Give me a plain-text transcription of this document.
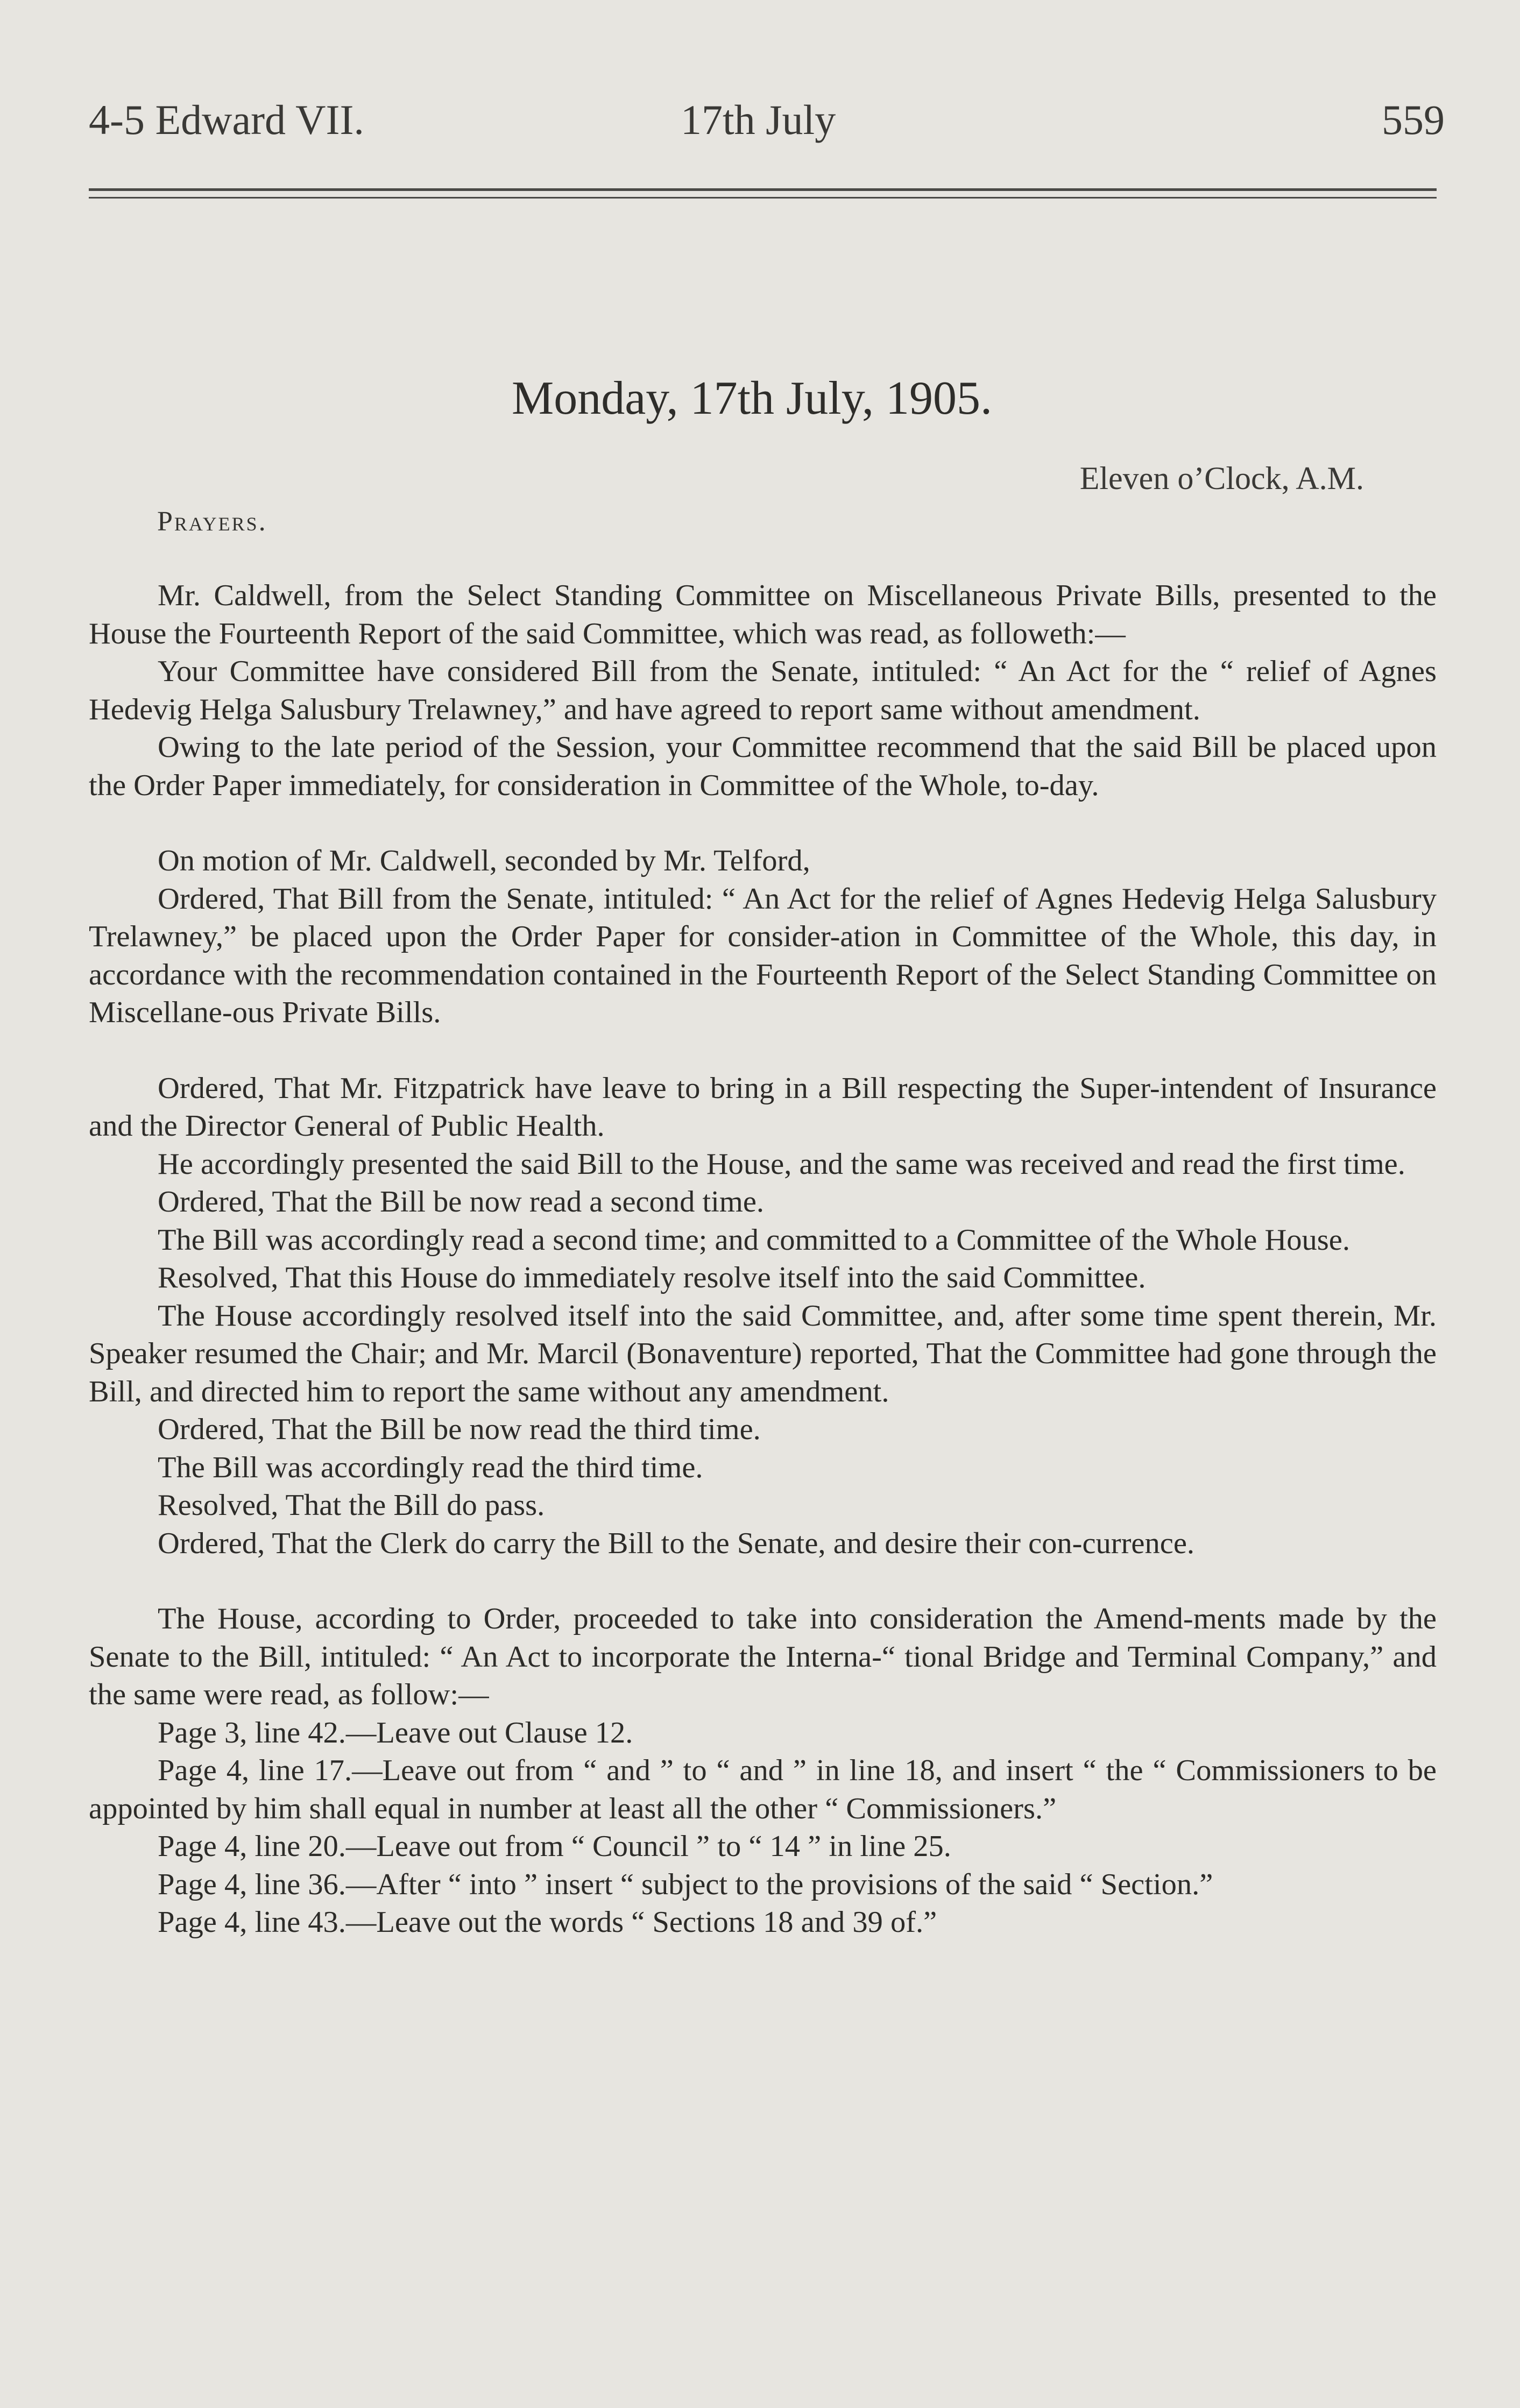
4-5 Edward VII.	17th July	559
Monday, 17th July, 1905.
Eleven o’Clock, A.M.
Prayers.

Mr. Caldwell, from the Select Standing Committee on Miscellaneous Private Bills, presented to the House the Fourteenth Report of the said Committee, which was read, as followeth:—

Your Committee have considered Bill from the Senate, intituled: “ An Act for the “ relief of Agnes Hedevig Helga Salusbury Trelawney,” and have agreed to report same without amendment.

Owing to the late period of the Session, your Committee recommend that the said Bill be placed upon the Order Paper immediately, for consideration in Committee of the Whole, to-day.

On motion of Mr. Caldwell, seconded by Mr. Telford,

Ordered, That Bill from the Senate, intituled: “ An Act for the relief of Agnes Hedevig Helga Salusbury Trelawney,” be placed upon the Order Paper for consider-ation in Committee of the Whole, this day, in accordance with the recommendation contained in the Fourteenth Report of the Select Standing Committee on Miscellane-ous Private Bills.

Ordered, That Mr. Fitzpatrick have leave to bring in a Bill respecting the Super-intendent of Insurance and the Director General of Public Health.

He accordingly presented the said Bill to the House, and the same was received and read the first time.

Ordered, That the Bill be now read a second time.

The Bill was accordingly read a second time; and committed to a Committee of the Whole House.

Resolved, That this House do immediately resolve itself into the said Committee.

The House accordingly resolved itself into the said Committee, and, after some time spent therein, Mr. Speaker resumed the Chair; and Mr. Marcil (Bonaventure) reported, That the Committee had gone through the Bill, and directed him to report the same without any amendment.

Ordered, That the Bill be now read the third time.

The Bill was accordingly read the third time.

Resolved, That the Bill do pass.

Ordered, That the Clerk do carry the Bill to the Senate, and desire their con-currence.

The House, according to Order, proceeded to take into consideration the Amend-ments made by the Senate to the Bill, intituled: “ An Act to incorporate the Interna-“ tional Bridge and Terminal Company,” and the same were read, as follow:—

Page 3, line 42.—Leave out Clause 12.

Page 4, line 17.—Leave out from “ and ” to “ and ” in line 18, and insert “ the “ Commissioners to be appointed by him shall equal in number at least all the other “ Commissioners.”

Page 4, line 20.—Leave out from “ Council ” to “ 14 ” in line 25.

Page 4, line 36.—After “ into ” insert “ subject to the provisions of the said “ Section.”

Page 4, line 43.—Leave out the words “ Sections 18 and 39 of.”
